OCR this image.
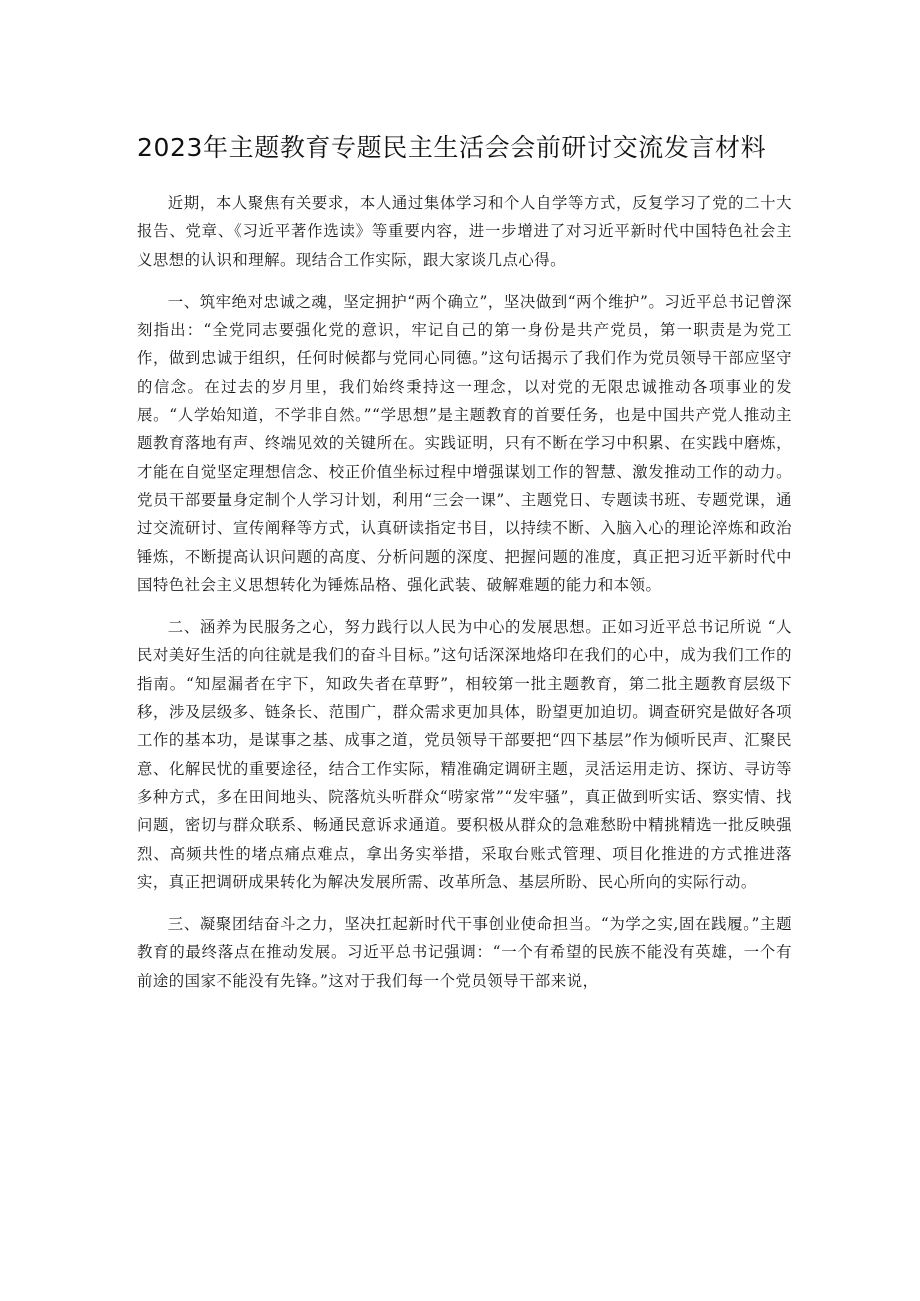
2023年主题教育专题民主生活会会前研讨交流发言材料

近期，本人聚焦有关要求，本人通过集体学习和个人自学等方式，反复学习了党的二十大报告、党章、《习近平著作选读》等重要内容，进一步增进了对习近平新时代中国特色社会主义思想的认识和理解。现结合工作实际，跟大家谈几点心得。

一、筑牢绝对忠诚之魂，坚定拥护“两个确立”，坚决做到“两个维护”。习近平总书记曾深刻指出：“全党同志要强化党的意识，牢记自己的第一身份是共产党员，第一职责是为党工作，做到忠诚于组织，任何时候都与党同心同德。”这句话揭示了我们作为党员领导干部应坚守的信念。在过去的岁月里，我们始终秉持这一理念，以对党的无限忠诚推动各项事业的发展。“人学始知道，不学非自然。”“学思想”是主题教育的首要任务，也是中国共产党人推动主题教育落地有声、终端见效的关键所在。实践证明，只有不断在学习中积累、在实践中磨炼，才能在自觉坚定理想信念、校正价值坐标过程中增强谋划工作的智慧、激发推动工作的动力。党员干部要量身定制个人学习计划，利用“三会一课”、主题党日、专题读书班、专题党课，通过交流研讨、宣传阐释等方式，认真研读指定书目，以持续不断、入脑入心的理论淬炼和政治锤炼，不断提高认识问题的高度、分析问题的深度、把握问题的准度，真正把习近平新时代中国特色社会主义思想转化为锤炼品格、强化武装、破解难题的能力和本领。

二、涵养为民服务之心，努力践行以人民为中心的发展思想。正如习近平总书记所说 “人民对美好生活的向往就是我们的奋斗目标。”这句话深深地烙印在我们的心中，成为我们工作的指南。“知屋漏者在宇下，知政失者在草野”，相较第一批主题教育，第二批主题教育层级下移，涉及层级多、链条长、范围广，群众需求更加具体，盼望更加迫切。调查研究是做好各项工作的基本功，是谋事之基、成事之道，党员领导干部要把“四下基层”作为倾听民声、汇聚民意、化解民忧的重要途径，结合工作实际，精准确定调研主题，灵活运用走访、探访、寻访等多种方式，多在田间地头、院落炕头听群众“唠家常”“发牢骚”，真正做到听实话、察实情、找问题，密切与群众联系、畅通民意诉求通道。要积极从群众的急难愁盼中精挑精选一批反映强烈、高频共性的堵点痛点难点，拿出务实举措，采取台账式管理、项目化推进的方式推进落实，真正把调研成果转化为解决发展所需、改革所急、基层所盼、民心所向的实际行动。

三、凝聚团结奋斗之力，坚决扛起新时代干事创业使命担当。“为学之实,固在践履。”主题教育的最终落点在推动发展。习近平总书记强调：“一个有希望的民族不能没有英雄，一个有前途的国家不能没有先锋。”这对于我们每一个党员领导干部来说，
